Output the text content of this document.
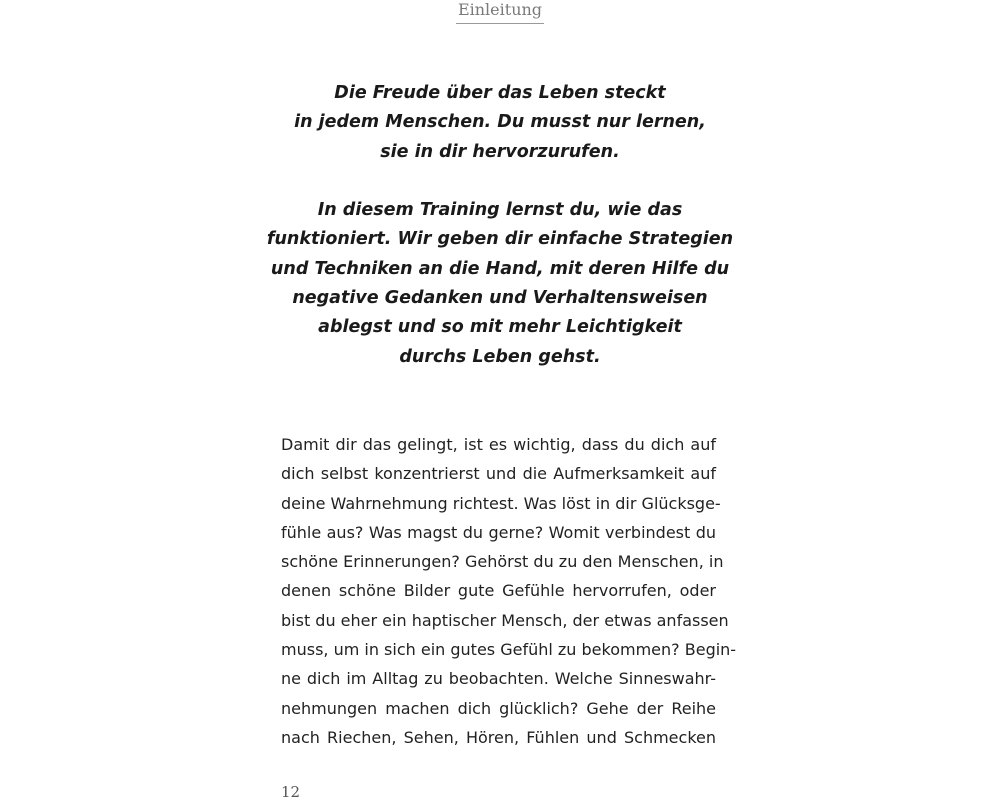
Einleitung
Die Freude über das Leben steckt
in jedem Menschen. Du musst nur lernen,
sie in dir hervorzurufen.
In diesem Training lernst du, wie das
funktioniert. Wir geben dir einfache Strategien
und Techniken an die Hand, mit deren Hilfe du
negative Gedanken und Verhaltensweisen
ablegst und so mit mehr Leichtigkeit
durchs Leben gehst.
Damit dir das gelingt, ist es wichtig, dass du dich auf
dich selbst konzentrierst und die Aufmerksamkeit auf
deine Wahrnehmung richtest. Was löst in dir Glücksge-
fühle aus? Was magst du gerne? Womit verbindest du
schöne Erinnerungen? Gehörst du zu den Menschen, in
denen schöne Bilder gute Gefühle hervorrufen, oder
bist du eher ein haptischer Mensch, der etwas anfassen
muss, um in sich ein gutes Gefühl zu bekommen? Begin-
ne dich im Alltag zu beobachten. Welche Sinneswahr-
nehmungen machen dich glücklich? Gehe der Reihe
nach Riechen, Sehen, Hören, Fühlen und Schmecken
12
